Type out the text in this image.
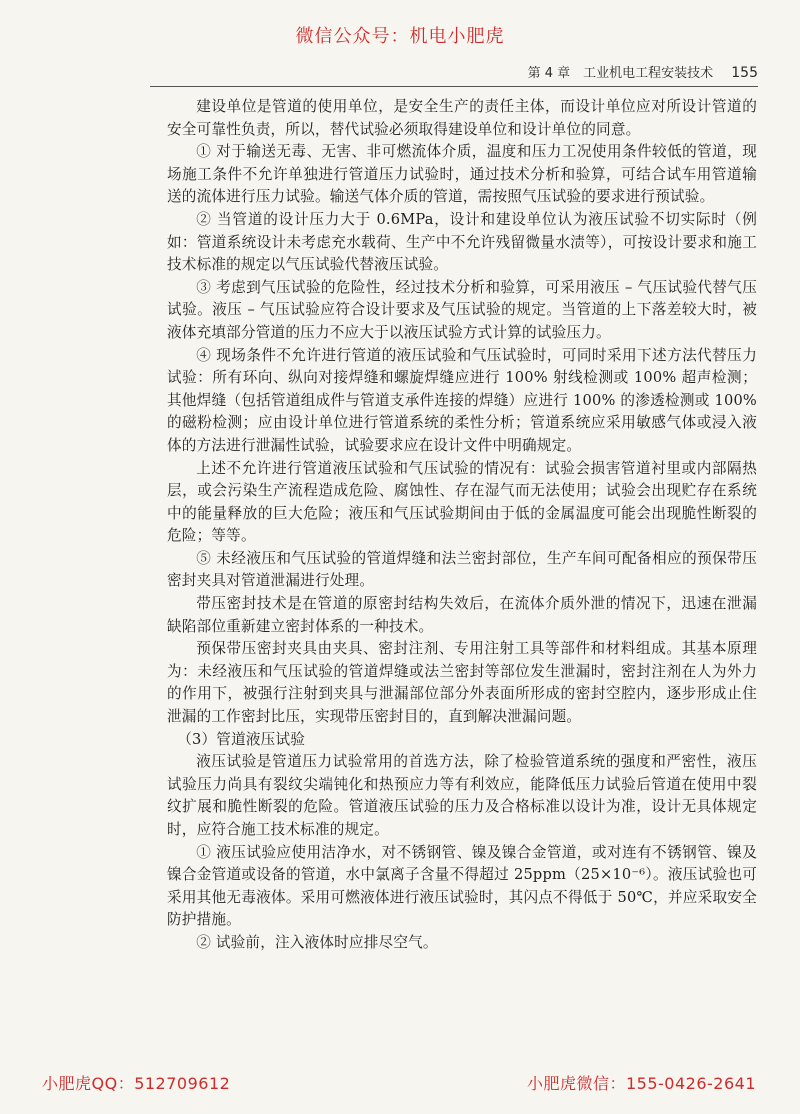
微信公众号：机电小肥虎
第 4 章　工业机电工程安装技术 155

建设单位是管道的使用单位，是安全生产的责任主体，而设计单位应对所设计管道的安全可靠性负责，所以，替代试验必须取得建设单位和设计单位的同意。

① 对于输送无毒、无害、非可燃流体介质，温度和压力工况使用条件较低的管道，现场施工条件不允许单独进行管道压力试验时，通过技术分析和验算，可结合试车用管道输送的流体进行压力试验。输送气体介质的管道，需按照气压试验的要求进行预试验。

② 当管道的设计压力大于 0.6MPa，设计和建设单位认为液压试验不切实际时（例如：管道系统设计未考虑充水载荷、生产中不允许残留微量水渍等），可按设计要求和施工技术标准的规定以气压试验代替液压试验。

③ 考虑到气压试验的危险性，经过技术分析和验算，可采用液压 – 气压试验代替气压试验。液压 – 气压试验应符合设计要求及气压试验的规定。当管道的上下落差较大时，被液体充填部分管道的压力不应大于以液压试验方式计算的试验压力。

④ 现场条件不允许进行管道的液压试验和气压试验时，可同时采用下述方法代替压力试验：所有环向、纵向对接焊缝和螺旋焊缝应进行 100% 射线检测或 100% 超声检测；其他焊缝（包括管道组成件与管道支承件连接的焊缝）应进行 100% 的渗透检测或 100% 的磁粉检测；应由设计单位进行管道系统的柔性分析；管道系统应采用敏感气体或浸入液体的方法进行泄漏性试验，试验要求应在设计文件中明确规定。

上述不允许进行管道液压试验和气压试验的情况有：试验会损害管道衬里或内部隔热层，或会污染生产流程造成危险、腐蚀性、存在湿气而无法使用；试验会出现贮存在系统中的能量释放的巨大危险；液压和气压试验期间由于低的金属温度可能会出现脆性断裂的危险；等等。

⑤ 未经液压和气压试验的管道焊缝和法兰密封部位，生产车间可配备相应的预保带压密封夹具对管道泄漏进行处理。

带压密封技术是在管道的原密封结构失效后，在流体介质外泄的情况下，迅速在泄漏缺陷部位重新建立密封体系的一种技术。

预保带压密封夹具由夹具、密封注剂、专用注射工具等部件和材料组成。其基本原理为：未经液压和气压试验的管道焊缝或法兰密封等部位发生泄漏时，密封注剂在人为外力的作用下，被强行注射到夹具与泄漏部位部分外表面所形成的密封空腔内，逐步形成止住泄漏的工作密封比压，实现带压密封目的，直到解决泄漏问题。

（3）管道液压试验

液压试验是管道压力试验常用的首选方法，除了检验管道系统的强度和严密性，液压试验压力尚具有裂纹尖端钝化和热预应力等有利效应，能降低压力试验后管道在使用中裂纹扩展和脆性断裂的危险。管道液压试验的压力及合格标准以设计为准，设计无具体规定时，应符合施工技术标准的规定。

① 液压试验应使用洁净水，对不锈钢管、镍及镍合金管道，或对连有不锈钢管、镍及镍合金管道或设备的管道，水中氯离子含量不得超过 25ppm（25×10⁻⁶）。液压试验也可采用其他无毒液体。采用可燃液体进行液压试验时，其闪点不得低于 50℃，并应采取安全防护措施。

② 试验前，注入液体时应排尽空气。

小肥虎QQ：512709612	小肥虎微信：155-0426-2641
